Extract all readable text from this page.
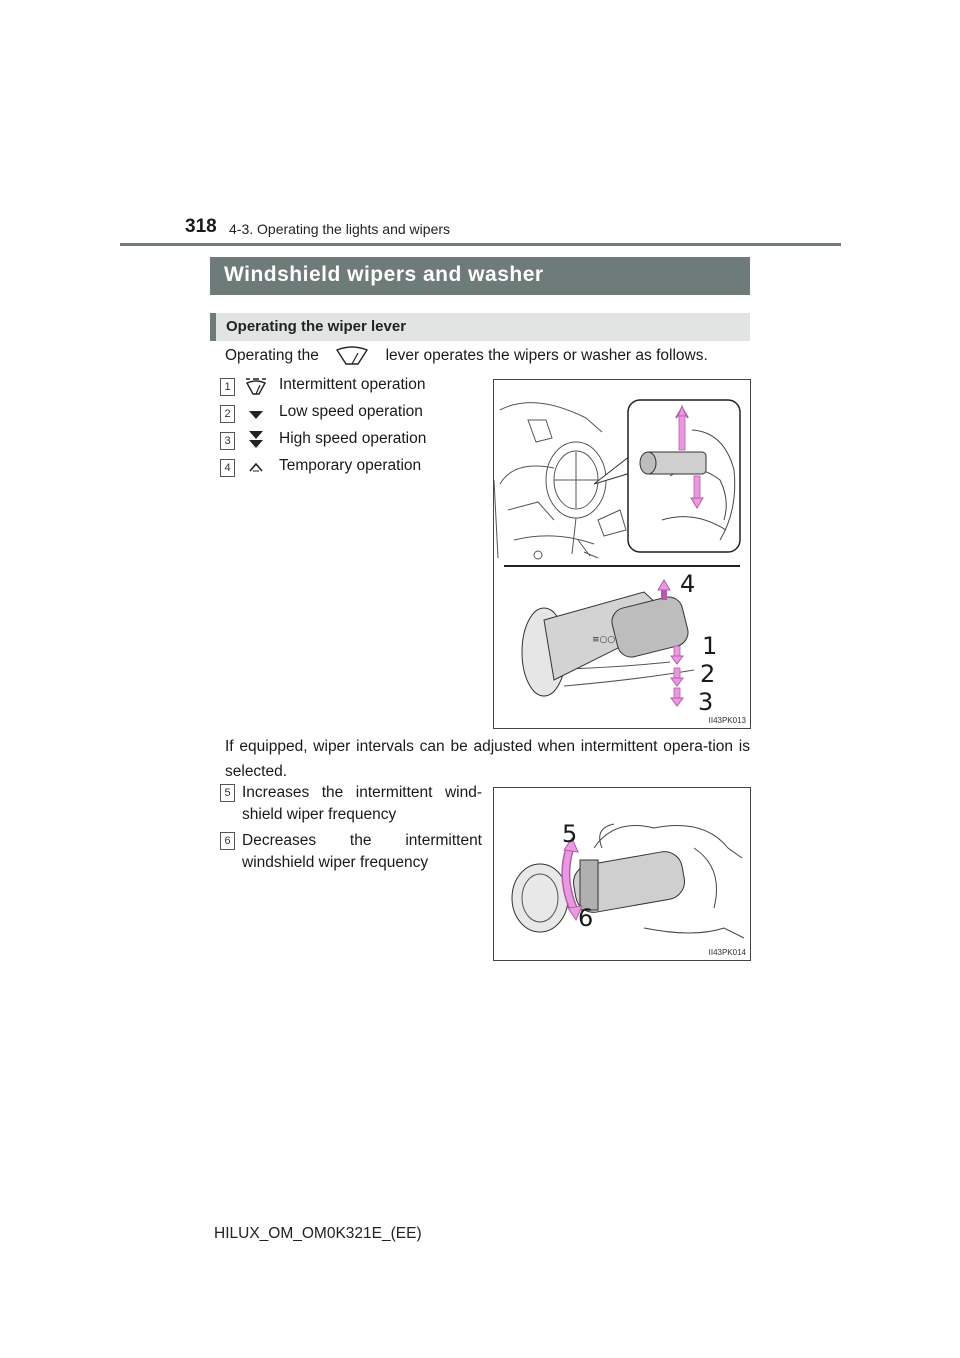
318 4-3. Operating the lights and wipers
Windshield wipers and washer
Operating the wiper lever
Operating the	lever operates the wipers or washer as follows.
1	Intermittent operation
2	Low speed operation
3	High speed operation
4	Temporary operation
≡○○
4
1
2
3
II43PK013
If equipped, wiper intervals can be adjusted when intermittent opera-tion is selected.
5 Increases the intermittent wind-shield wiper frequency
6 Decreases the intermittent windshield wiper frequency
5
6
II43PK014
HILUX_OM_OM0K321E_(EE)
